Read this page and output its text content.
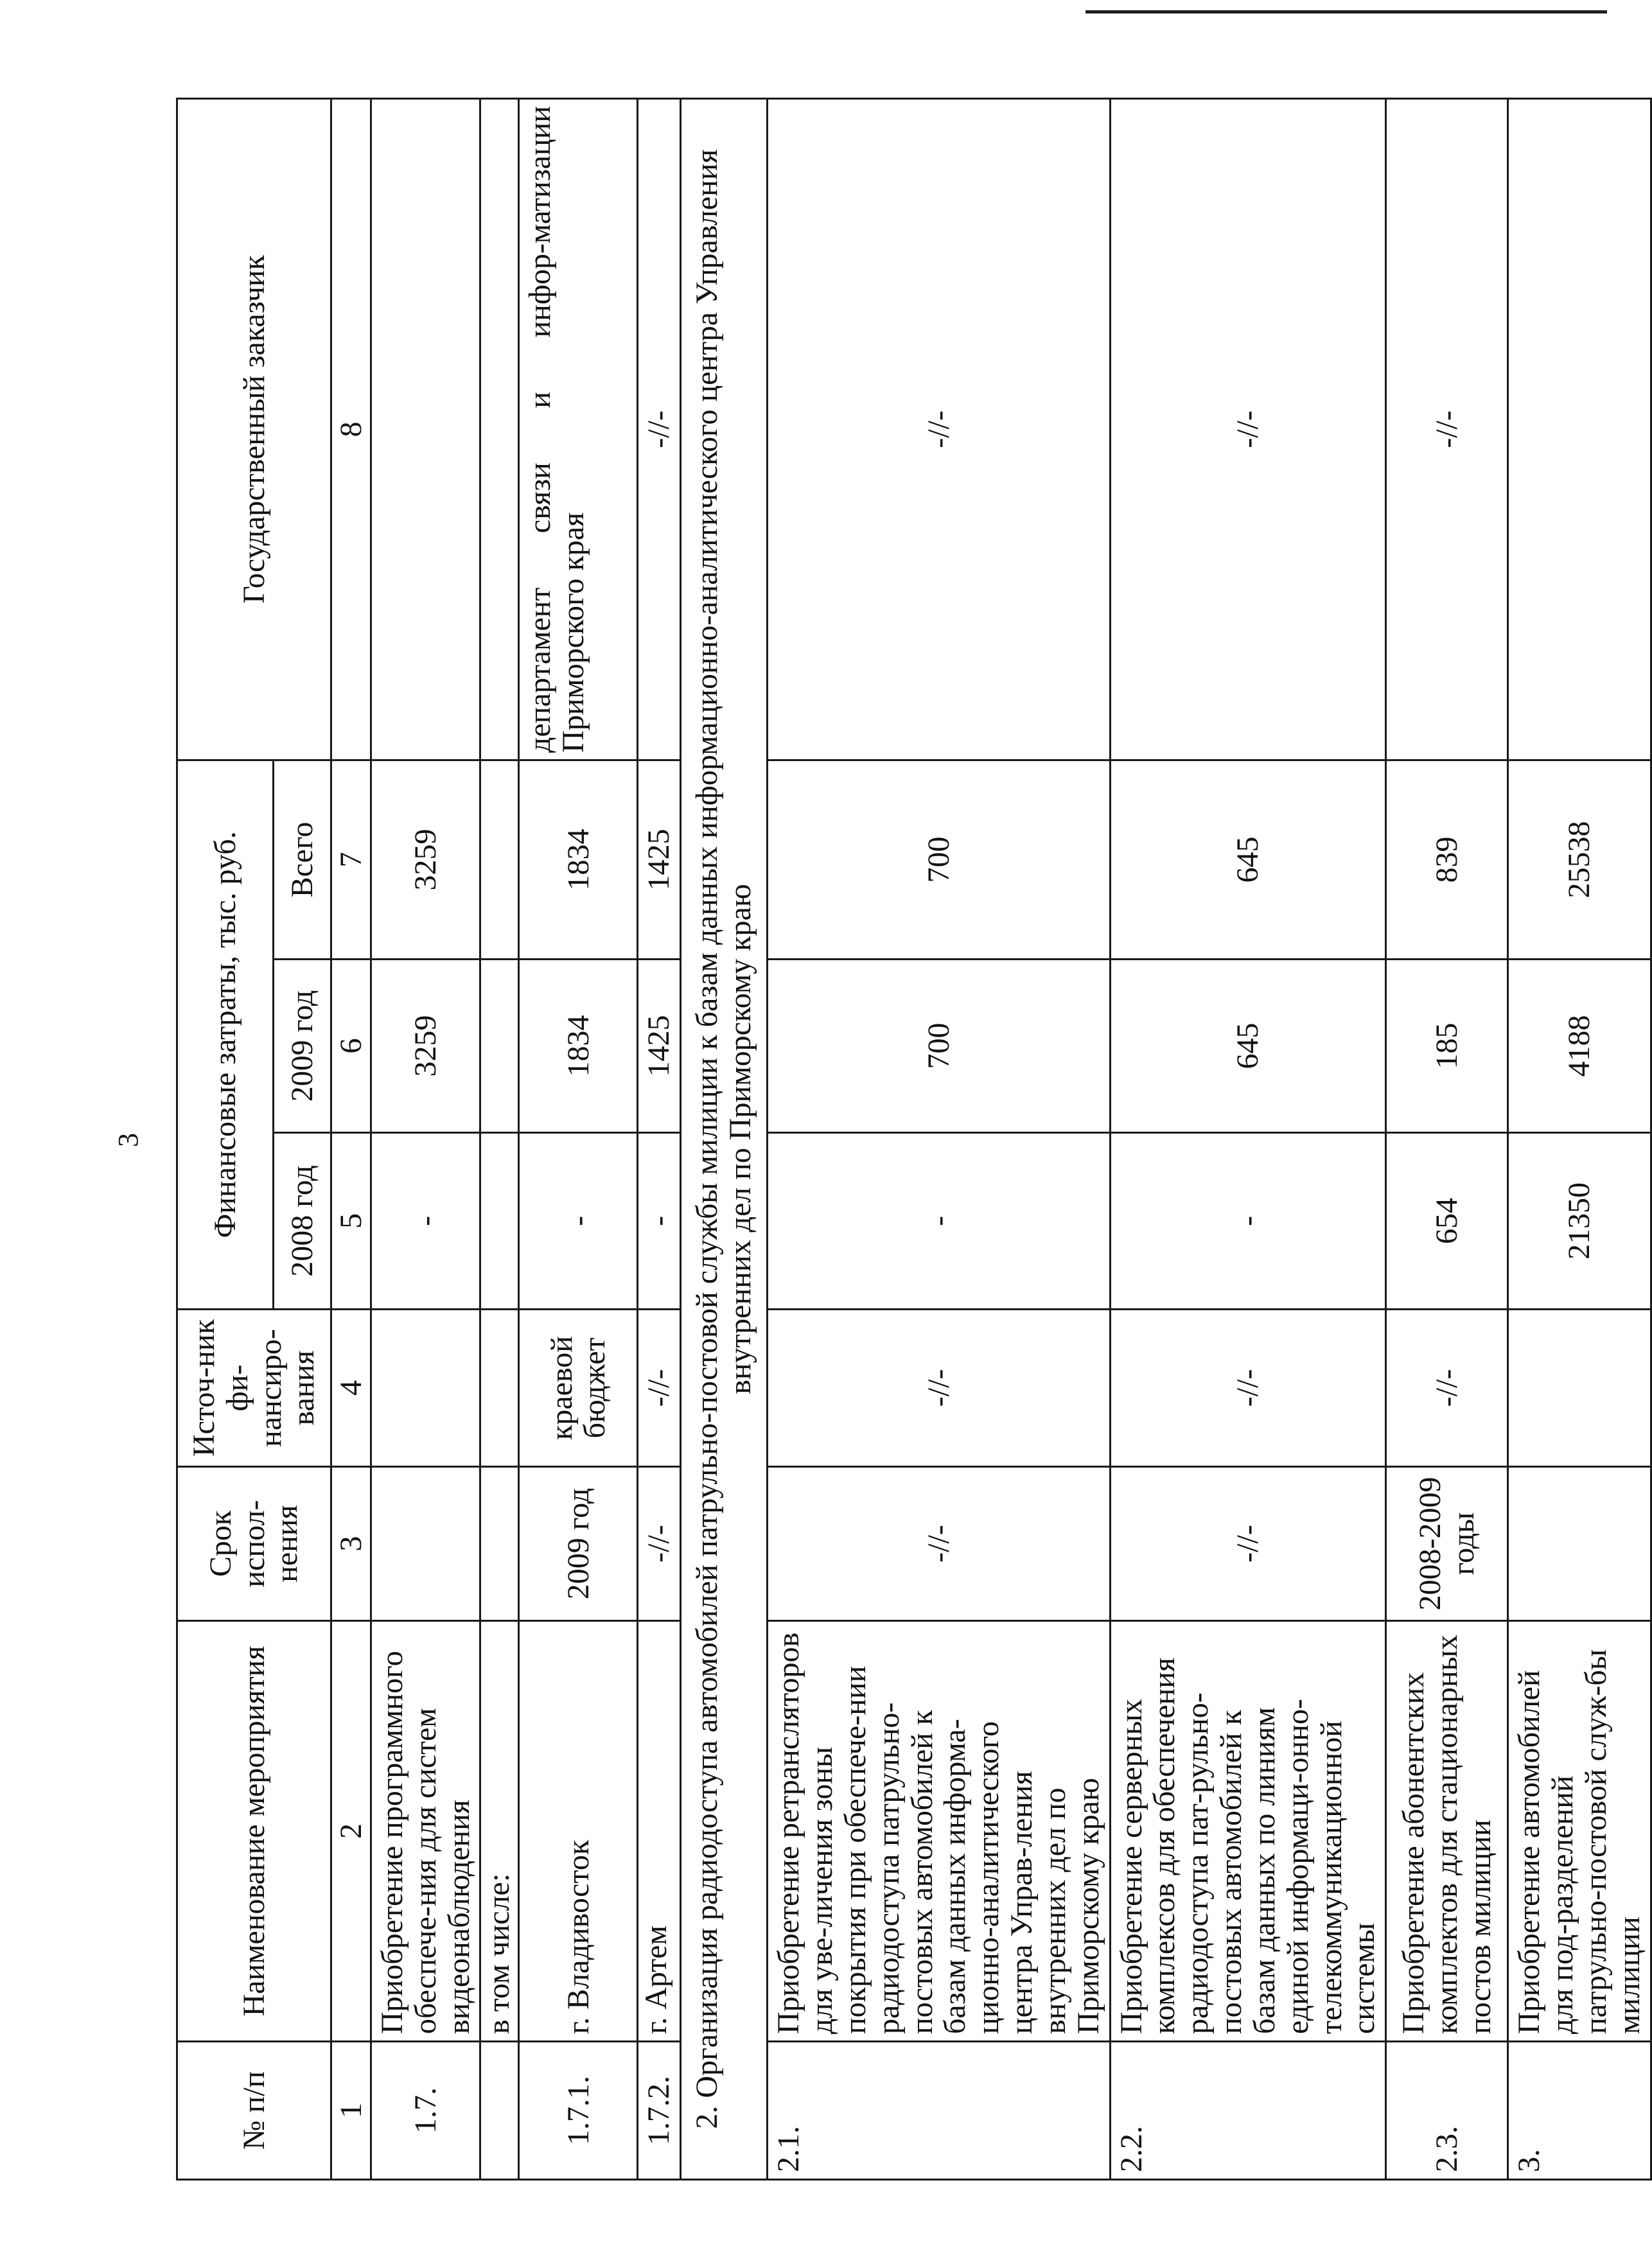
3
№ п/п	Наименование мероприятия	Срок испол-нения	Источ-ник фи-нансиро-вания	Финансовые затраты, тыс. руб.			Государственный заказчик
				2008 год	2009 год	Всего	
1	2	3	4	5	6	7	8
1.7.	Приобретение программного обеспече-ния для систем видеонаблюдения			-	3259	3259	
	в том числе:						
1.7.1.	г. Владивосток	2009 год	краевой бюджет	-	1834	1834	департамент связи и инфор-матизации Приморского края
1.7.2.	г. Артем	-//-	-//-	-	1425	1425	-//-
2. Организация радиодоступа автомобилей патрульно-постовой службы милиции к базам данных информационно-аналитического центра Управления внутренних дел по Приморскому краю							
2.1.	Приобретение ретрансляторов для уве-личения зоны покрытия при обеспече-нии радиодоступа патрульно-постовых автомобилей к базам данных информа-ционно-аналитического центра Управ-ления внутренних дел по Приморскому краю	-//-	-//-	-	700	700	-//-
2.2.	Приобретение серверных комплексов для обеспечения радиодоступа пат-рульно-постовых автомобилей к базам данных по линиям единой информаци-онно-телекоммуникационной системы	-//-	-//-	-	645	645	-//-
2.3.	Приобретение абонентских комплектов для стационарных постов милиции	2008-2009 годы	-//-	654	185	839	-//-
3.	Приобретение автомобилей для под-разделений патрульно-постовой служ-бы милиции			21350	4188	25538	
